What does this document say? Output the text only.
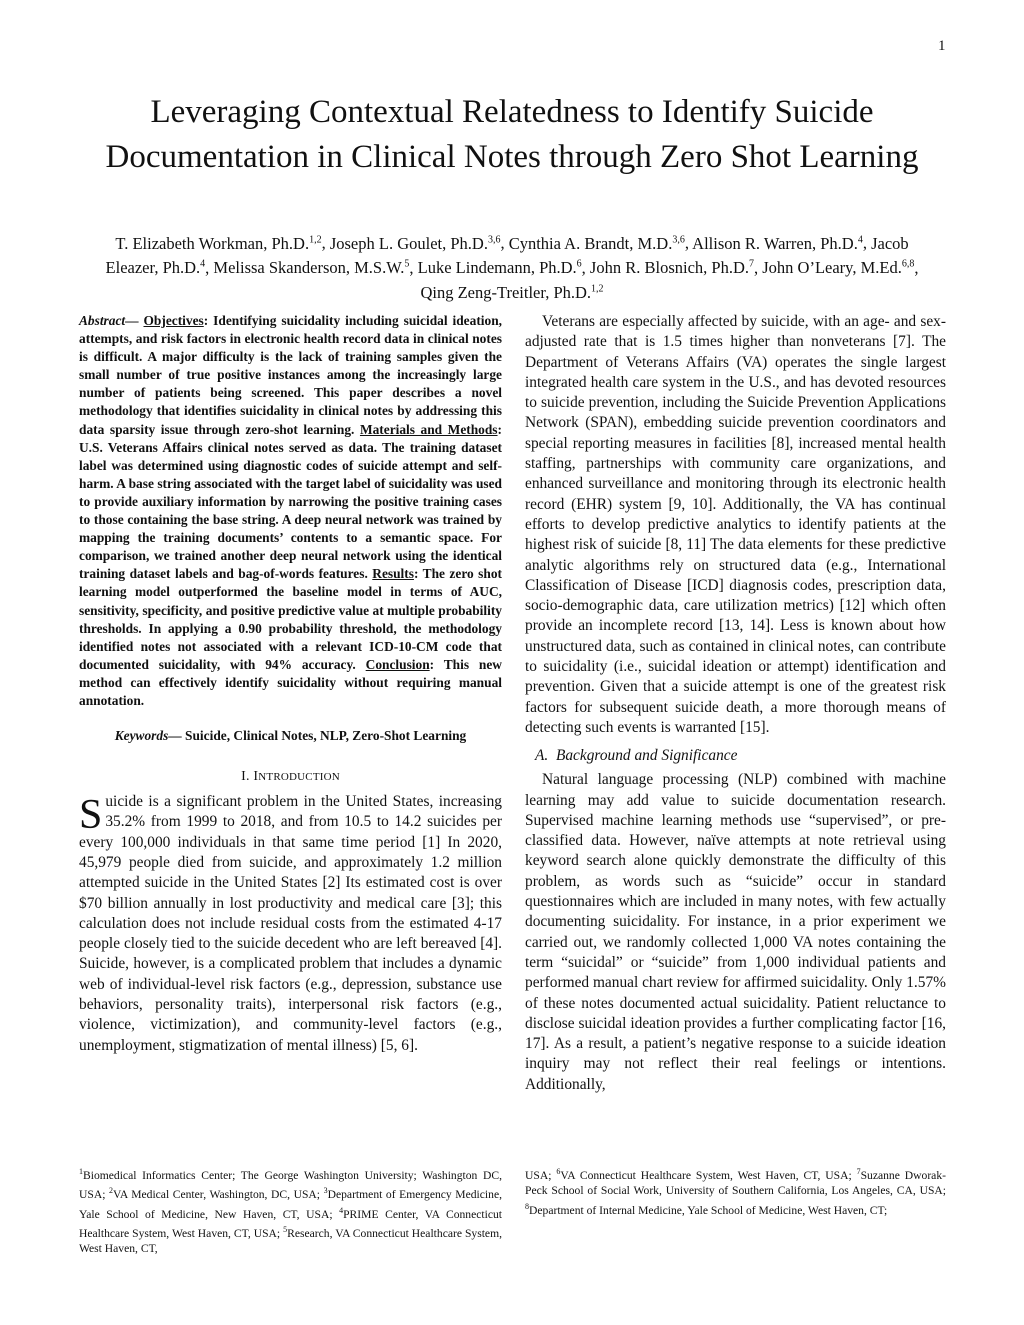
1
Leveraging Contextual Relatedness to Identify Suicide Documentation in Clinical Notes through Zero Shot Learning
T. Elizabeth Workman, Ph.D.$^{1,2}$, Joseph L. Goulet, Ph.D.$^{3,6}$, Cynthia A. Brandt, M.D.$^{3,6}$, Allison R. Warren, Ph.D.$^4$, Jacob Eleazer, Ph.D.$^4$, Melissa Skanderson, M.S.W.$^5$, Luke Lindemann, Ph.D.$^6$, John R. Blosnich, Ph.D.$^7$, John O’Leary, M.Ed.$^{6,8}$, Qing Zeng-Treitler, Ph.D.$^{1,2}$

Abstract— Objectives: Identifying suicidality including suicidal ideation, attempts, and risk factors in electronic health record data in clinical notes is difficult. A major difficulty is the lack of training samples given the small number of true positive instances among the increasingly large number of patients being screened. This paper describes a novel methodology that identifies suicidality in clinical notes by addressing this data sparsity issue through zero-shot learning. Materials and Methods: U.S. Veterans Affairs clinical notes served as data. The training dataset label was determined using diagnostic codes of suicide attempt and self-harm. A base string associated with the target label of suicidality was used to provide auxiliary information by narrowing the positive training cases to those containing the base string. A deep neural network was trained by mapping the training documents’ contents to a semantic space. For comparison, we trained another deep neural network using the identical training dataset labels and bag-of-words features. Results: The zero shot learning model outperformed the baseline model in terms of AUC, sensitivity, specificity, and positive predictive value at multiple probability thresholds. In applying a 0.90 probability threshold, the methodology identified notes not associated with a relevant ICD-10-CM code that documented suicidality, with 94% accuracy. Conclusion: This new method can effectively identify suicidality without requiring manual annotation.

Keywords— Suicide, Clinical Notes, NLP, Zero-Shot Learning

I. INTRODUCTION

Suicide is a significant problem in the United States, increasing 35.2% from 1999 to 2018, and from 10.5 to 14.2 suicides per every 100,000 individuals in that same time period [1] In 2020, 45,979 people died from suicide, and approximately 1.2 million attempted suicide in the United States [2] Its estimated cost is over $70 billion annually in lost productivity and medical care [3]; this calculation does not include residual costs from the estimated 4-17 people closely tied to the suicide decedent who are left bereaved [4]. Suicide, however, is a complicated problem that includes a dynamic web of individual-level risk factors (e.g., depression, substance use behaviors, personality traits), interpersonal risk factors (e.g., violence, victimization), and community-level factors (e.g., unemployment, stigmatization of mental illness) [5, 6].

Veterans are especially affected by suicide, with an age- and sex-adjusted rate that is 1.5 times higher than nonveterans [7]. The Department of Veterans Affairs (VA) operates the single largest integrated health care system in the U.S., and has devoted resources to suicide prevention, including the Suicide Prevention Applications Network (SPAN), embedding suicide prevention coordinators and special reporting measures in facilities [8], increased mental health staffing, partnerships with community care organizations, and enhanced surveillance and monitoring through its electronic health record (EHR) system [9, 10]. Additionally, the VA has continual efforts to develop predictive analytics to identify patients at the highest risk of suicide [8, 11] The data elements for these predictive analytic algorithms rely on structured data (e.g., International Classification of Disease [ICD] diagnosis codes, prescription data, socio-demographic data, care utilization metrics) [12] which often provide an incomplete record [13, 14]. Less is known about how unstructured data, such as contained in clinical notes, can contribute to suicidality (i.e., suicidal ideation or attempt) identification and prevention. Given that a suicide attempt is one of the greatest risk factors for subsequent suicide death, a more thorough means of detecting such events is warranted [15].

A. Background and Significance

Natural language processing (NLP) combined with machine learning may add value to suicide documentation research. Supervised machine learning methods use “supervised”, or pre-classified data. However, naïve attempts at note retrieval using keyword search alone quickly demonstrate the difficulty of this problem, as words such as “suicide” occur in standard questionnaires which are included in many notes, with few actually documenting suicidality. For instance, in a prior experiment we carried out, we randomly collected 1,000 VA notes containing the term “suicidal” or “suicide” from 1,000 individual patients and performed manual chart review for affirmed suicidality. Only 1.57% of these notes documented actual suicidality. Patient reluctance to disclose suicidal ideation provides a further complicating factor [16, 17]. As a result, a patient’s negative response to a suicide ideation inquiry may not reflect their real feelings or intentions. Additionally,

$^1$Biomedical Informatics Center; The George Washington University; Washington DC, USA; $^2$VA Medical Center, Washington, DC, USA; $^3$Department of Emergency Medicine, Yale School of Medicine, New Haven, CT, USA; $^4$PRIME Center, VA Connecticut Healthcare System, West Haven, CT, USA; $^5$Research, VA Connecticut Healthcare System, West Haven, CT,
USA; $^6$VA Connecticut Healthcare System, West Haven, CT, USA; $^7$Suzanne Dworak-Peck School of Social Work, University of Southern California, Los Angeles, CA, USA; $^8$Department of Internal Medicine, Yale School of Medicine, West Haven, CT;
